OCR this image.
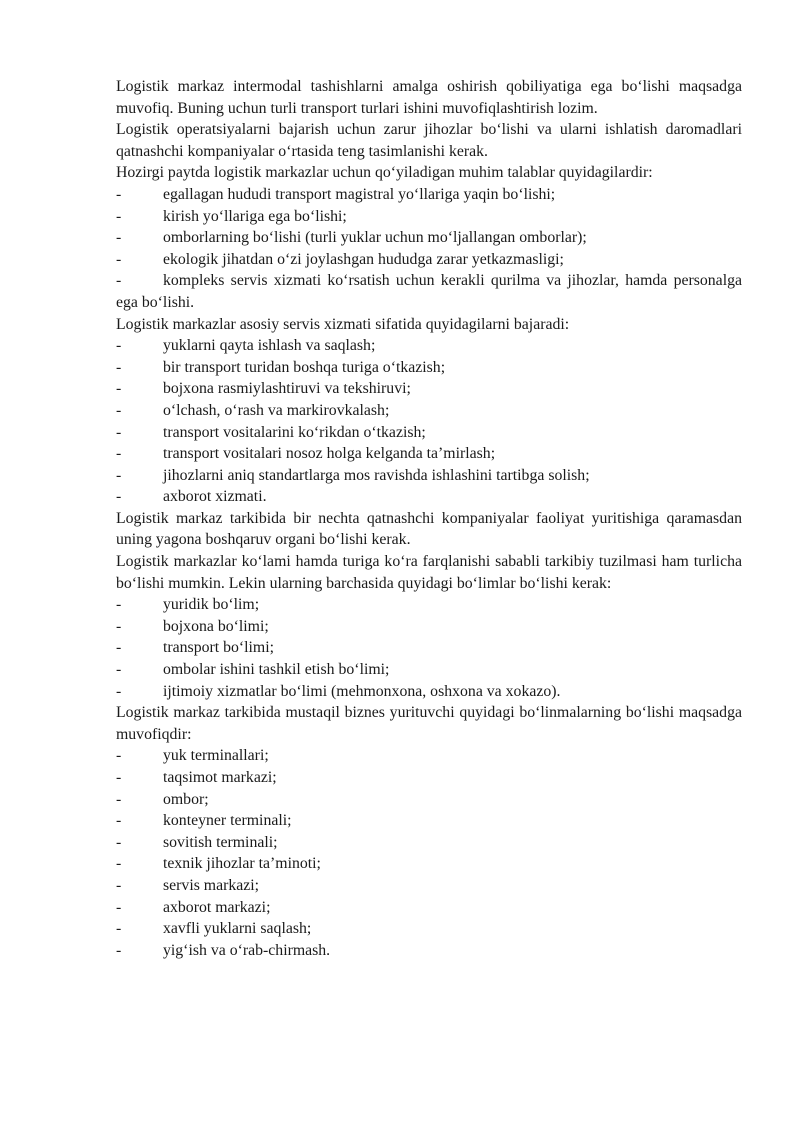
Logistik markaz intermodal tashishlarni amalga oshirish qobiliyatiga ega bo‘lishi maqsadga muvofiq. Buning uchun turli transport turlari ishini muvofiqlashtirish lozim.

Logistik operatsiyalarni bajarish uchun zarur jihozlar bo‘lishi va ularni ishlatish daromadlari qatnashchi kompaniyalar o‘rtasida teng tasimlanishi kerak.

Hozirgi paytda logistik markazlar uchun qo‘yiladigan muhim talablar quyidagilardir:

-	egallagan hududi transport magistral yo‘llariga yaqin bo‘lishi;

-	kirish yo‘llariga ega bo‘lishi;

-	omborlarning bo‘lishi (turli yuklar uchun mo‘ljallangan omborlar);

-	ekologik jihatdan o‘zi joylashgan hududga zarar yetkazmasligi;

-	kompleks servis xizmati ko‘rsatish uchun kerakli qurilma va jihozlar, hamda personalga ega bo‘lishi.

Logistik markazlar asosiy servis xizmati sifatida quyidagilarni bajaradi:

-	yuklarni qayta ishlash va saqlash;

-	bir transport turidan boshqa turiga o‘tkazish;

-	bojxona rasmiylashtiruvi va tekshiruvi;

-	o‘lchash, o‘rash va markirovkalash;

-	transport vositalarini ko‘rikdan o‘tkazish;

-	transport vositalari nosoz holga kelganda ta’mirlash;

-	jihozlarni aniq standartlarga mos ravishda ishlashini tartibga solish;

-	axborot xizmati.

Logistik markaz tarkibida bir nechta qatnashchi kompaniyalar faoliyat yuritishiga qaramasdan uning yagona boshqaruv organi bo‘lishi kerak.

Logistik markazlar ko‘lami hamda turiga ko‘ra farqlanishi sababli tarkibiy tuzilmasi ham turlicha bo‘lishi mumkin. Lekin ularning barchasida quyidagi bo‘limlar bo‘lishi kerak:

-	yuridik bo‘lim;

-	bojxona bo‘limi;

-	transport bo‘limi;

-	ombolar ishini tashkil etish bo‘limi;

-	ijtimoiy xizmatlar bo‘limi (mehmonxona, oshxona va xokazo).

Logistik markaz tarkibida mustaqil biznes yurituvchi quyidagi bo‘linmalarning bo‘lishi maqsadga muvofiqdir:

-	yuk terminallari;

-	taqsimot markazi;

-	ombor;

-	konteyner terminali;

-	sovitish terminali;

-	texnik jihozlar ta’minoti;

-	servis markazi;

-	axborot markazi;

-	xavfli yuklarni saqlash;

-	yig‘ish va o‘rab-chirmash.
